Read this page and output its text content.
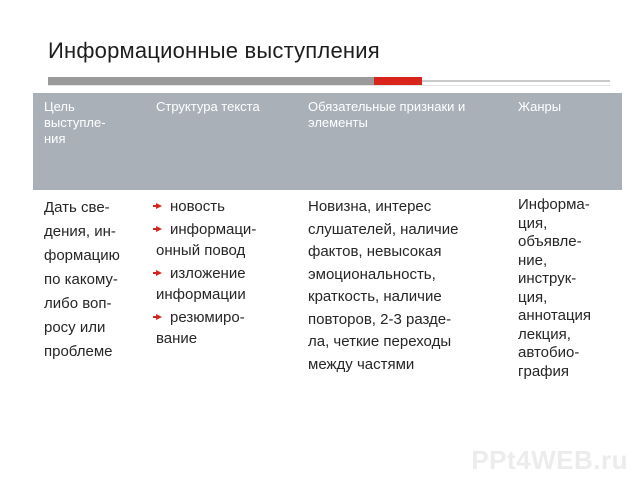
Информационные выступления
Цель
выступле-
ния
Структура текста	Обязательные признаки и
элементы
Жанры
Дать све-
дения, ин-
формацию
по какому-
либо воп-
росу или
проблеме
новость
информаци-
онный повод
изложение
информации
резюмиро-
вание
Новизна, интерес
слушателей, наличие
фактов, невысокая
эмоциональность,
краткость, наличие
повторов, 2-3 разде-
ла, четкие переходы
между частями
Информа-
ция,
объявле-
ние,
инструк-
ция,
аннотация
лекция,
автобио-
графия
PPt4WEB.ru
